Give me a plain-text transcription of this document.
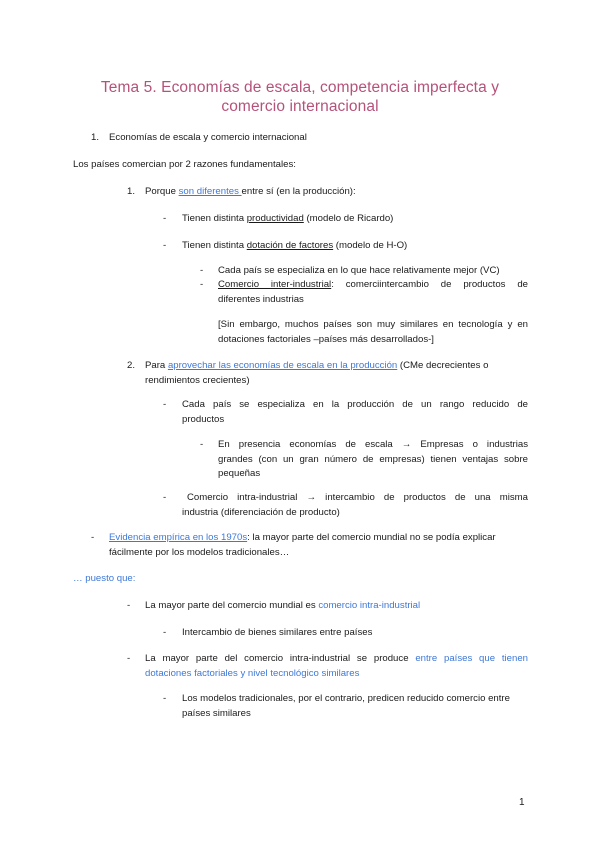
Tema 5. Economías de escala, competencia imperfecta y
comercio internacional
1. Economías de escala y comercio internacional
Los países comercian por 2 razones fundamentales:
1. Porque son diferentes entre sí (en la producción):
- Tienen distinta productividad (modelo de Ricardo)
- Tienen distinta dotación de factores (modelo de H-O)
- Cada país se especializa en lo que hace relativamente mejor (VC)
- Comercio inter-industrial: comerciintercambio de productos de
diferentes industrias
[Sin embargo, muchos países son muy similares en tecnología y en
dotaciones factoriales –países más desarrollados-]
2. Para aprovechar las economías de escala en la producción (CMe decrecientes o
rendimientos crecientes)
- Cada país se especializa en la producción de un rango reducido de
productos
- En presencia economías de escala → Empresas o industrias
grandes (con un gran número de empresas) tienen ventajas sobre
pequeñas
-	Comercio intra-industrial → intercambio de productos de una misma
industria (diferenciación de producto)
- Evidencia empírica en los 1970s: la mayor parte del comercio mundial no se podía explicar
fácilmente por los modelos tradicionales…
… puesto que:
- La mayor parte del comercio mundial es comercio intra-industrial
- Intercambio de bienes similares entre países
- La mayor parte del comercio intra-industrial se produce entre países que tienen
dotaciones factoriales y nivel tecnológico similares
- Los modelos tradicionales, por el contrario, predicen reducido comercio entre
países similares
1
